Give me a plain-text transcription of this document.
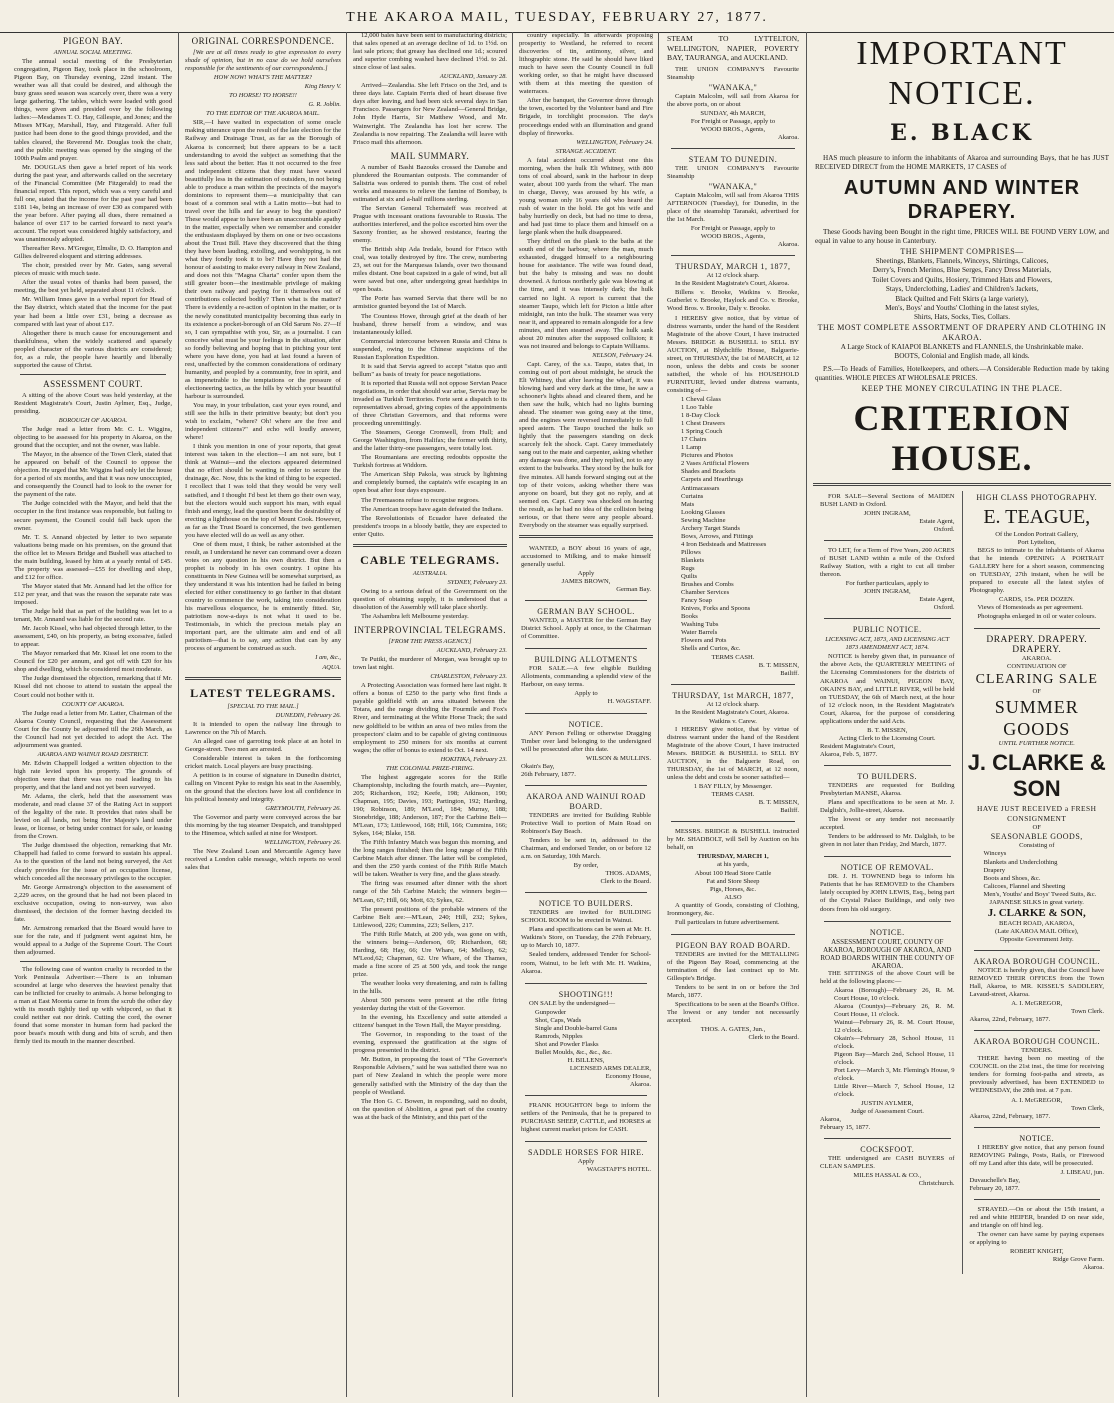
THE AKAROA MAIL, TUESDAY, FEBRUARY 27, 1877.
PIGEON BAY.
ANNUAL SOCIAL MEETING.

The annual social meeting of the Presbyterian congregation, Pigeon Bay, took place in the schoolroom, Pigeon Bay, on Thursday evening, 22nd instant. The weather was all that could be desired, and although the busy grass seed season was scarcely over, there was a very large gathering. The tables, which were loaded with good things, were given and presided over by the following ladies:—Mesdames T. O. Hay, Gillespie, and Jones; and the Misses M'Kay, Marshall, Hay, and Fitzgerald. After full justice had been done to the good things provided, and the tables cleared, the Reverend Mr. Douglas took the chair, and the public meeting was opened by the singing of the 100th Psalm and prayer.

Mr. DOUGLAS then gave a brief report of his work during the past year, and afterwards called on the secretary of the Financial Committee (Mr Fitzgerald) to read the financial report. This report, which was a very careful and full one, stated that the income for the past year had been £181 14s, being an increase of over £30 as compared with the year before. After paying all dues, there remained a balance of over £17 to be carried forward to next year's account. The report was considered highly satisfactory, and was unanimously adopted.

Thereafter Revs. M'Gregor, Elmslie, D. O. Hampton and Gillies delivered eloquent and stirring addresses.

The choir, presided over by Mr. Gates, sang several pieces of music with much taste.

After the usual votes of thanks had been passed, the meeting, the best yet held, separated about 11 o'clock.

Mr. William Innes gave in a verbal report for Head of the Bay district, which stated that the income for the past year had been a little over £31, being a decrease as compared with last year of about £17.

Altogether there is much cause for encouragement and thankfulness, when the widely scattered and sparsely peopled character of the various districts are considered; for, as a rule, the people have heartily and liberally supported the cause of Christ.

ASSESSMENT COURT.

A sitting of the above Court was held yesterday, at the Resident Magistrate's Court, Justin Aylmer, Esq., Judge, presiding.

BOROUGH OF AKAROA.

The Judge read a letter from Mr. C. L. Wiggins, objecting to be assessed for his property in Akaroa, on the ground that the occupier, and not the owner, was liable.

The Mayor, in the absence of the Town Clerk, stated that he appeared on behalf of the Council to oppose the objection. He urged that Mr. Wiggins had only let the house for a period of six months, and that it was now unoccupied, and consequently the Council had to look to the owner for the payment of the rate.

The Judge coincided with the Mayor, and held that the occupier in the first instance was responsible, but failing to secure payment, the Council could fall back upon the owner.

Mr. T. S. Annand objected by letter to two separate valuations being made on his premises, on the ground that the office let to Messrs Bridge and Bushell was attached to the main building, leased by him at a yearly rental of £45. The property was assessed—£55 for dwelling and shop, and £12 for office.

The Mayor stated that Mr. Annand had let the office for £12 per year, and that was the reason the separate rate was imposed.

The Judge held that as part of the building was let to a tenant, Mr. Annand was liable for the second rate.

Mr. Jacob Kissel, who had objected through letter, to the assessment, £40, on his property, as being excessive, failed to appear.

The Mayor remarked that Mr. Kissel let one room to the Council for £20 per annum, and got off with £20 for his shop and dwelling, which he considered most moderate.

The Judge dismissed the objection, remarking that if Mr. Kissel did not choose to attend to sustain the appeal the Court could not bother with it.

COUNTY OF AKAROA.

The Judge read a letter from Mr. Latter, Chairman of the Akaroa County Council, requesting that the Assessment Court for the County be adjourned till the 26th March, as the Council had not yet decided to adopt the Act. The adjournment was granted.

AKAROA AND WAINUI ROAD DISTRICT.

Mr. Edwin Chappell lodged a written objection to the high rate levied upon his property. The grounds of objection were that there was no road leading to his property, and that the land and not yet been surveyed.

Mr. Adams, the clerk, held that the assessment was moderate, and read clause 37 of the Rating Act in support of the legality of the rate. It provides that rates shall be levied on all lands, not being Her Majesty's land under lease, or license, or being under contract for sale, or leasing from the Crown.

The Judge dismissed the objection, remarking that Mr. Chappell had failed to come forward to sustain his appeal. As to the question of the land not being surveyed, the Act clearly provides for the issue of an occupation license, which conceded all the necessary privileges to the occupier.

Mr. George Armstrong's objection to the assessment of 2,229 acres, on the ground that he had not been placed in exclusive occupation, owing to non-survey, was also dismissed, the decision of the former having decided its fate.

Mr. Armstrong remarked that the Board would have to sue for the rate, and if judgment went against him, he would appeal to a Judge of the Supreme Court. The Court then adjourned.

The following case of wanton cruelty is recorded in the York Peninsula Advertiser:—There is an inhuman scoundrel at large who deserves the heaviest penalty that can be inflicted for cruelty to animals. A horse belonging to a man at East Moonta came in from the scrub the other day with its mouth tightly tied up with whipcord, so that it could neither eat nor drink. Cutting the cord, the owner found that some monster in human form had packed the poor beast's mouth with dung and bits of scrub, and then firmly tied its mouth in the manner described.

ORIGINAL CORRESPONDENCE.

[We are at all times ready to give expression to every shade of opinion, but in no case do we hold ourselves responsible for the sentiments of our correspondents.]

HOW NOW! WHAT'S THE MATTER?
King Henry V.
TO HORSE! TO HORSE!!
G. R. Joblin.
TO THE EDITOR OF THE AKAROA MAIL.

SIR,—I have waited in expectation of some oracle making utterance upon the result of the late election for the Railway and Drainage Trust, as far as the Borough of Akaroa is concerned; but there appears to be a tacit understanding to avoid the subject as something that the less said about the better. Has it not occurred to the free and independent citizens that they must have waxed beautifully less in the estimation of outsiders, in not being able to produce a man within the precincts of the mayor's dominions to represent them—a municipality that can boast of a common seal with a Latin motto—but had to travel over the hills and far away to beg the question? These would appear to have been an unaccountable apathy in the matter, especially when we remember and consider the enthusiasm displayed by them on one or two occasions about the Trust Bill. Have they discovered that the thing they have been lauding, extolling, and worshipping, is not what they fondly took it to be? Have they not had the honour of assisting to make every railway in New Zealand, and does not this "Magna Charta" confer upon them the still greater boon—the inestimable privilege of making their own railway and paying for it themselves out of contributions collected bodily? Then what is the matter? There is evidently a re-action of opinion in the matter, or is the newly constituted municipality becoming thus early in its existence a pocket-borough of an Old Sarum No. 2?—If so, I can sympathise with you, Sir, as a journalist. I can conceive what must be your feelings in the situation, after so fondly believing and hoping that in pitching your tent where you have done, you had at last found a haven of rest, unaffected by the common considerations of ordinary humanity, and peopled by a community, free in spirit, and as impenetrable to the temptations or the pressure of electioneering tactics, as the hills by which your beautiful harbour is surrounded.

You may, in your tribulation, cast your eyes round, and still see the hills in their primitive beauty; but don't you wish to exclaim, "where? Oh! where are the free and independent citizens?" and echo will loudly answer, where!

I think you mention in one of your reports, that great interest was taken in the election—I am not sure, but I think at Wainui—and the electors appeared determined that no effort should be wanting in order to secure the drainage, &c. Now, this is the kind of thing to be expected. I recollect that I was told that they would be very well satisfied, and I thought I'd best let them go their own way, but the electors would such support his man, with equal finish and energy, lead the question been the desirability of erecting a lighthouse on the top of Mount Cook. However, as far as the Trust Board is concerned, the two gentlemen you have elected will do as well as any other.

One of them must, I think, be rather astonished at the result, as I understand he never can command over a dozen votes on any question in his own district. But then a prophet is nobody in his own country. I opine his constituents in New Guinea will be somewhat surprised, as they understand it was his intention had he failed in being elected for either constituency to go farther in that distant country to commence the work, taking into consideration his marvellous eloquence, he is eminently fitted. Sir, patriotism now-a-days is not what it used to be. Testimonials, in which the precious metals play an important part, are the ultimate aim and end of all patriotism—that is to say, any action that can by any process of argument be construed as such.

I am, &c.,
AQUA.
LATEST TELEGRAMS.
[SPECIAL TO THE MAIL.]
DUNEDIN, February 26.

It is intended to open the railway line through to Lawrence on the 7th of March.

An alleged case of garroting took place at an hotel in George-street. Two men are arrested.

Considerable interest is taken in the forthcoming cricket match. Local players are busy practising.

A petition is in course of signature in Dunedin district, calling on Vincent Pyke to resign his seat in the Assembly, on the ground that the electors have lost all confidence in his political honesty and integrity.

GREYMOUTH, February 26.

The Governor and party were conveyed across the bar this morning by the tug steamer Despatch, and transhipped to the Hinemoa, which sailed at nine for Westport.

WELLINGTON, February 26.

The New Zealand Loan and Mercantile Agency have received a London cable message, which reports no wool sales that

12,000 bales have been sent to manufacturing districts; that sales opened at an average decline of 1d. to 1½d. on last sale prices; that greasy has declined one 1d.; scoured and superior combing washed have declined 1½d. to 2d. since close of last sales.

AUCKLAND, January 28.

Arrived—Zealandia. She left Frisco on the 3rd, and is three days late. Captain Ferris died of heart disease five days after leaving, and had been sick several days in San Francisco. Passengers for New Zealand—General Bridge, John Hyde Harris, Sir Matthew Wood, and Mr. Wainwright. The Zealandia has lost her screw. The Zealandia is now repairing. The Zealandia will leave with Frisco mail this afternoon.

MAIL SUMMARY.

A number of Bashi Bazouks crossed the Danube and plundered the Roumanian outposts. The commander of Salistria was ordered to punish them. The cost of rebel works and measures to relieve the famine of Bombay, is estimated at six and a-half millions sterling.

The Servian General Tchernaieff was received at Prague with incessant orations favourable to Russia. The authorities interfered, and the police escorted him over the Saxony frontier, as he showed resistance, fearing the enemy.

The British ship Ada Iredale, bound for Frisco with coal, was totally destroyed by fire. The crew, numbering 23, set out for the Marquesas Islands, over two thousand miles distant. One boat capsized in a gale of wind, but all were saved but one, after undergoing great hardships in open boats.

The Porte has warned Servia that there will be no armistice granted beyond the 1st of March.

The Countess Howe, through grief at the death of her husband, threw herself from a window, and was instantaneously killed.

Commercial intercourse between Russia and China is suspended, owing to the Chinese suspicions of the Russian Exploration Expedition.

It is said that Servia agreed to accept "status quo anti bellum" as basis of treaty for peace negotiations.

It is reported that Russia will not oppose Servian Peace negotiations, in order that should war arise, Servia may be invaded as Turkish Territories. Forte sent a dispatch to its representatives abroad, giving copies of the appointments of three Christian Governors, and that reforms were proceeding unremittingly.

The Steamers, George Cromwell, from Hull; and George Washington, from Halifax; the former with thirty, and the latter thirty-one passengers, were totally lost.

The Roumanians are erecting redoubts opposite the Turkish fortress at Widdorn.

The American Ship Pakola, was struck by lightning and completely burned, the captain's wife escaping in an open boat after four days exposure.

The Freemasons refuse to recognise negroes.

The American troops have again defeated the Indians.

The Revolutionists of Ecuador have defeated the president's troops in a bloody battle, they are expected to enter Quito.

CABLE TELEGRAMS.
AUSTRALIA.
SYDNEY, February 23.

Owing to a serious defeat of the Government on the question of obtaining supply, it is understood that a dissolution of the Assembly will take place shortly.

The Ashambra left Melbourne yesterday.

INTERPROVINCIAL TELEGRAMS.
[FROM THE PRESS AGENCY.]
AUCKLAND, February 23.

Te Putiki, the murderer of Morgan, was brought up to town last night.

CHARLESTON, February 23.

A Protecting Association was formed here last night. It offers a bonus of £250 to the party who first finds a payable goldfield with an area situated between the Totara, and the range dividing the Fourmile and Fox's River, and terminating at the White Horse Track; the said new goldfield to be within an area of two miles from the prospectors' claim and to be capable of giving continuous employment to 250 miners for six months at current wages; the offer of bonus to extend to Oct. 14 next.

HOKITIKA, February 23.
THE COLONIAL PRIZE-FIRING.

The highest aggregate scores for the Rifle Championship, including the fourth match, are—Paynter, 205; Richardson, 192; Keefe, 198; Atkinson, 190; Chapman, 195; Davies, 193; Partington, 192; Harding, 190; Robinson, 189; M'Leod, 184; Murray, 188; Stonebridge, 188; Anderson, 187; For the Carbine Belt—M'Lean, 173; Littlewood, 168; Hill, 166; Cummins, 166; Sykes, 164; Blake, 158.

The Fifth Infantry Match was begun this morning, and the long ranges finished; then the long range of the Fifth Carbine Match after dinner. The latter will be completed, and then the 250 yards contest of the Fifth Rifle Match will be taken. Weather is very fine, and the glass steady.

The firing was resumed after dinner with the short range of the 5th Carbine Match; the winners begin—M'Lean, 67; Hill, 66; Mott, 63; Sykes, 62.

The present positions of the probable winners of the Carbine Belt are:—M'Lean, 240; Hill, 232; Sykes, Littlewood, 226; Cummins, 223; Sellers, 217.

The Fifth Rifle Match, at 200 yds, was gone on with, the winners being—Anderson, 69; Richardson, 68; Harding, 68; Hay, 66; Ure Whare, 64; Mellsop, 62; M'Leod,62; Chapman, 62. Ure Whare, of the Thames, made a fine score of 25 at 500 yds, and took the range prize.

The weather looks very threatening, and rain is falling in the hills.

About 500 persons were present at the rifle firing yesterday during the visit of the Governor.

In the evening, his Excellency and suite attended a citizens' banquet in the Town Hall, the Mayor presiding.

The Governor, in responding to the toast of the evening, expressed the gratification at the signs of progress presented in the district.

Mr. Button, in proposing the toast of "The Governor's Responsible Advisers," said he was satisfied there was no part of New Zealand in which the people were more generally satisfied with the Ministry of the day than the people of Westland.

The Hon G. C. Bowen, in responding, said no doubt, on the question of Abolition, a great part of the country was at the back of the Ministry, and this part of the

country especially. In afterwards proposing prosperity to Westland, he referred to recent discoveries of tin, antimony, silver, and lithographic stone. He said he should have liked much to have seen the County Council in full working order, so that he might have discussed with them at this meeting the question of waterraces.

After the banquet, the Governor drove through the town, escorted by the Volunteer band and Fire Brigade, in torchlight procession. The day's proceedings ended with an illumination and grand display of fireworks.

WELLINGTON, February 24.
STRANGE ACCIDENT.

A fatal accident occurred about one this morning, when the hulk Eli Whitney, with 800 tons of coal aboard, sank in the harbour in deep water, about 100 yards from the wharf. The man in charge, Davey, was aroused by his wife, a young woman only 16 years old who heard the rush of water in the hold. He got his wife and baby hurriedly on deck, but had no time to dress, and had just time to place them and himself on a large plank when the hulk disappeared.

They drifted on the plank to the baths at the south end of the harbour, where the man, much exhausted, dragged himself to a neighbouring house for assistance. The wife was found dead, but the baby is missing and was no doubt drowned. A furious northerly gale was blowing at the time, and it was intensely dark; the hulk carried no light. A report is current that the steamer Taupo, which left for Picton a little after midnight, ran into the hulk. The steamer was very near it, and appeared to remain alongside for a few minutes, and then steamed away. The hulk sank about 20 minutes after the supposed collision; it was not insured and belongs to Captain Williams.

NELSON, February 24.

Capt. Carey, of the s.s. Taupo, states that, in coming out of port about midnight, he struck the Eli Whitney, that after leaving the wharf, it was blowing hard and very dark at the time, he saw a schooner's lights ahead and cleared them, and he then saw the hulk, which had no lights burning ahead. The steamer was going easy at the time, and the engines were reversed immediately to full speed astern. The Taupo touched the hulk so lightly that the passengers standing on deck scarcely felt the shock. Capt. Carey immediately sang out to the mate and carpenter, asking whether any damage was done, and they replied, not to any extent to the bulwarks. They stood by the hulk for five minutes. All hands forward singing out at the top of their voices, asking whether there was anyone on board, but they got no reply, and at seemed on. Capt. Carey was shocked on hearing the result, as he had no idea of the collision being serious, or that there were any people aboard. Everybody on the steamer was equally surprised.

WANTED, a BOY about 16 years of age, accustomed to Milking, and to make himself generally useful.

Apply
JAMES BROWN,
German Bay.
GERMAN BAY SCHOOL.

WANTED, a MASTER for the German Bay District School. Apply at once, to the Chairman of Committee.

BUILDING ALLOTMENTS

FOR SALE.—A few eligible Building Allotments, commanding a splendid view of the Harbour, on easy terms.

Apply to
H. WAGSTAFF.
NOTICE.

ANY Person Felling or otherwise Dragging Timber over land belonging to the undersigned will be prosecuted after this date.

WILSON & MULLINS.
Okain's Bay,
26th February, 1877.
AKAROA AND WAINUI ROAD BOARD.

TENDERS are invited for Building Rubble Protective Wall to portion of Main Road on Robinson's Bay Beach.

Tenders to be sent in, addressed to the Chairman, and endorsed Tender, on or before 12 a.m. on Saturday, 10th March.

By order,
THOS. ADAMS,
Clerk to the Board.
NOTICE TO BUILDERS.

TENDERS are invited for BUILDING SCHOOL ROOM to be erected in Wainui.

Plans and specifications can be seen at Mr. H. Watkins's Store, on Tuesday, the 27th February, up to March 10, 1877.

Sealed tenders, addressed Tender for School-room, Wainui, to be left with Mr. H. Watkins, Akaroa.

SHOOTING!!!

ON SALE by the undersigned—

Gunpowder
Shot, Caps, Wads
Single and Double-barrel Guns
Ramrods, Nipples
Shot and Powder Flasks
Bullet Moulds, &c., &c., &c.
H. BILLENS,
LICENSED ARMS DEALER,
Economy House,
Akaroa.

FRANK HOUGHTON begs to inform the settlers of the Peninsula, that he is prepared to PURCHASE SHEEP, CATTLE, and HORSES at highest current market prices for CASH.

SADDLE HORSES FOR HIRE.
Apply
WAGSTAFF'S HOTEL.
STEAM TO LYTTELTON, WELLINGTON, NAPIER, POVERTY BAY, TAURANGA, and AUCKLAND.

THE UNION COMPANY'S Favourite Steamship

"WANAKA,"

Captain Malcolm, will sail from Akaroa for the above ports, on or about

SUNDAY, 4th MARCH,
For Freight or Passage, apply to
WOOD BROS., Agents,
Akaroa.
STEAM TO DUNEDIN.

THE UNION COMPANY'S Favourite Steamship

"WANAKA,"

Captain Malcolm, will sail from Akaroa THIS AFTERNOON (Tuesday), for Dunedin, in the place of the steamship Taranaki, advertised for the 1st March.

For Freight or Passage, apply to
WOOD BROS., Agents,
Akaroa.
THURSDAY, MARCH 1, 1877,
At 12 o'clock sharp.

In the Resident Magistrate's Court, Akaroa.

Billens v. Brooke, Watkins v. Brooke, Gutberlet v. Brooke, Haylock and Co. v. Brooke, Wood Bros. v. Brooke, Daly v. Brooke.

I HEREBY give notice, that by virtue of distress warrants, under the hand of the Resident Magistrate of the above Court, I have instructed Messrs. BRIDGE & BUSHELL to SELL BY AUCTION, at Blythcliffe House, Balguerie-street, on THURSDAY, the 1st of MARCH, at 12 noon, unless the debts and costs be sooner satisfied, the whole of his HOUSEHOLD FURNITURE, levied under distress warrants, consisting of—

1 Cheval Glass
1 Loo Table
1 8-Day Clock
1 Chest Drawers
1 Spring Couch
17 Chairs
1 Lamp
Pictures and Photos
2 Vases Artificial Flowers
Shades and Brackets
Carpets and Hearthrugs
Antimacassars
Curtains
Mats
Looking Glasses
Sewing Machine
Archery Target Stands
Bows, Arrows, and Fittings
4 Iron Bedsteads and Mattresses
Pillows
Blankets
Rugs
Quilts
Brushes and Combs
Chamber Services
Fancy Soap
Knives, Forks and Spoons
Books
Washing Tubs
Water Barrels
Flowers and Pots
Shells and Curios, &c.
TERMS CASH.
B. T. MISSEN,
Bailiff.
THURSDAY, 1st MARCH, 1877,
At 12 o'clock sharp.

In the Resident Magistrate's Court, Akaroa.

Watkins v. Carew.

I HEREBY give notice, that by virtue of distress warrant under the hand of the Resident Magistrate of the above Court, I have instructed Messrs. BRIDGE & BUSHELL to SELL BY AUCTION, in the Balguerie Road, on THURSDAY, the 1st of MARCH, at 12 noon, unless the debt and costs be sooner satisfied—

1 BAY FILLY, by Messenger.
TERMS CASH.
B. T. MISSEN,
Bailiff.

MESSRS. BRIDGE & BUSHELL instructed by Mr. SHADBOLT, will Sell by Auction on his behalf, on

THURSDAY, MARCH 1,
at his yards,
About 100 Head Store Cattle
Fat and Store Sheep
Pigs, Horses, &c.
ALSO

A quantity of Goods, consisting of Clothing, Ironmongery, &c.

Full particulars in future advertisement.

PIGEON BAY ROAD BOARD.

TENDERS are invited for the METALLING of the Pigeon Bay Road, commencing at the termination of the last contract up to Mr. Gillespie's Bridge.

Tenders to be sent in on or before the 3rd March, 1877.

Specifications to be seen at the Board's Office. The lowest or any tender not necessarily accepted.

THOS. A. GATES, Jun.,
Clerk to the Board.
IMPORTANT NOTICE.
E. BLACK

HAS much pleasure to inform the inhabitants of Akaroa and surrounding Bays, that he has JUST RECEIVED DIRECT from the HOME MARKETS, 17 CASES of

AUTUMN AND WINTER DRAPERY.

These Goods having been Bought in the right time, PRICES WILL BE FOUND VERY LOW, and equal in value to any house in Canterbury.

THE SHIPMENT COMPRISES—
Sheetings, Blankets, Flannels, Winceys, Shirtings, Calicoes,
Derry's, French Merinos, Blue Serges, Fancy Dress Materials,
Toilet Covers and Quilts, Hosiery, Trimmed Hats and Flowers,
Stays, Underclothing, Ladies' and Children's Jackets,
Black Quilted and Felt Skirts (a large variety),
Men's, Boys' and Youths' Clothing in the latest styles,
Shirts, Hats, Socks, Ties, Collars.
THE MOST COMPLETE ASSORTMENT OF DRAPERY AND CLOTHING IN AKAROA.
A Large Stock of KAIAPOI BLANKETS and FLANNELS, the Unshrinkable make.
BOOTS, Colonial and English made, all kinds.

P.S.—To Heads of Families, Hotelkeepers, and others.—A Considerable Reduction made by taking quantities. WHOLE PIECES AT WHOLESALE PRICES.

KEEP THE MONEY CIRCULATING IN THE PLACE.
CRITERION HOUSE.

FOR SALE—Several Sections of MAIDEN BUSH LAND in Oxford.

JOHN INGRAM,
Estate Agent,
Oxford.

TO LET, for a Term of Five Years, 200 ACRES of BUSH LAND within a mile of the Oxford Railway Station, with a right to cut all timber thereon.

For further particulars, apply to
JOHN INGRAM,
Estate Agent,
Oxford.
PUBLIC NOTICE.
LICENSING ACT, 1873, AND LICENSING ACT 1873 AMENDMENT ACT, 1874.

NOTICE is hereby given that, in pursuance of the above Acts, the QUARTERLY MEETING of the Licensing Commissioners for the districts of AKAROA and WAINUI, PIGEON BAY, OKAIN'S BAY, and LITTLE RIVER, will be held on TUESDAY, the 6th of March next, at the hour of 12 o'clock noon, in the Resident Magistrate's Court, Akaroa, for the purpose of considering applications under the said Acts.

B. T. MISSEN,
Acting Clerk to the Licensing Court.
Resident Magistrate's Court,
Akaroa, Feb. 5, 1877.
TO BUILDERS.

TENDERS are requested for Building Presbyterian MANSE, Akaroa.

Plans and specifications to be seen at Mr. J. Dalglish's, Jollie-street, Akaroa.

The lowest or any tender not necessarily accepted.

Tenders to be addressed to Mr. Dalglish, to be given in not later than Friday, 2nd March, 1877.

NOTICE OF REMOVAL.

DR. J. H. TOWNEND begs to inform his Patients that he has REMOVED to the Chambers lately occupied by JOHN LEWIS, Esq., being part of the Crystal Palace Buildings, and only two doors from his old surgery.

NOTICE.
ASSESSMENT COURT, COUNTY OF AKAROA, BOROUGH OF AKAROA, AND ROAD BOARDS WITHIN THE COUNTY OF AKAROA.

THE SITTINGS of the above Court will be held at the following places:—

Akaroa (Borough)—February 26, R. M. Court House, 10 o'clock.
Akaroa (Countys)—February 26, R. M. Court House, 11 o'clock.
Wainui—February 26, R. M. Court House, 12 o'clock.
Okain's—February 28, School House, 11 o'clock.
Pigeon Bay—March 2nd, School House, 11 o'clock.
Port Levy—March 3, Mr. Fleming's House, 9 o'clock.
Little River—March 7, School House, 12 o'clock.
JUSTIN AYLMER,
Judge of Assessment Court.
Akaroa,
February 15, 1877.
COCKSFOOT.

THE undersigned are CASH BUYERS of CLEAN SAMPLES.

MILES HASSAL & CO.,
Christchurch.
HIGH CLASS PHOTOGRAPHY.
E. TEAGUE,
Of the London Portrait Gallery,
Port Lyttelton,

BEGS to intimate to the inhabitants of Akaroa that he intends OPENING A PORTRAIT GALLERY here for a short season, commencing on TUESDAY, 27th instant, when he will be prepared to execute all the latest styles of Photography.

CARDS, 15s. PER DOZEN.

Views of Homesteads as per agreement.

Photographs enlarged in oil or water colours.

DRAPERY. DRAPERY. DRAPERY.
AKAROA.
CONTINUATION OF
CLEARING SALE
OF
SUMMER GOODS
UNTIL FURTHER NOTICE.
J. CLARKE & SON
HAVE JUST RECEIVED a FRESH CONSIGNMENT
OF
SEASONABLE GOODS,
Consisting of
Winceys
Blankets and Underclothing
Drapery
Boots and Shoes, &c.
Calicoes, Flannel and Sheeting
Men's, Youths' and Boys' Tweed Suits, &c.
JAPANESE SILKS in great variety.
J. CLARKE & SON,
BEACH ROAD, AKAROA,
(Late AKAROA MAIL Office),
Opposite Government Jetty.
AKAROA BOROUGH COUNCIL.

NOTICE is hereby given, that the Council have REMOVED THEIR OFFICES from the Town Hall, Akaroa, to MR. KISSEL'S SADDLERY, Lavaud-street, Akaroa.

A. I. McGREGOR,
Town Clerk.
Akaroa, 22nd, February, 1877.
AKAROA BOROUGH COUNCIL.
TENDERS.

THERE having been no meeting of the COUNCIL on the 21st inst., the time for receiving tenders for forming foot-paths and streets, as previously advertised, has been EXTENDED to WEDNESDAY, the 28th inst. at 7 p.m.

A. I. McGREGOR,
Town Clerk,
Akaroa, 22nd, February, 1877.
NOTICE.

I HEREBY give notice, that any person found REMOVING Palings, Posts, Rails, or Firewood off my Land after this date, will be prosecuted.

J. LIBEAU, jun.
Duvauchelle's Bay,
February 20, 1877.

STRAYED.—On or about the 15th instant, a red and white HEIFER, branded D on near side, and triangle on off hind leg.

The owner can have same by paying expenses or applying to

ROBERT KNIGHT,
Ridge Grove Farm.
Akaroa.
